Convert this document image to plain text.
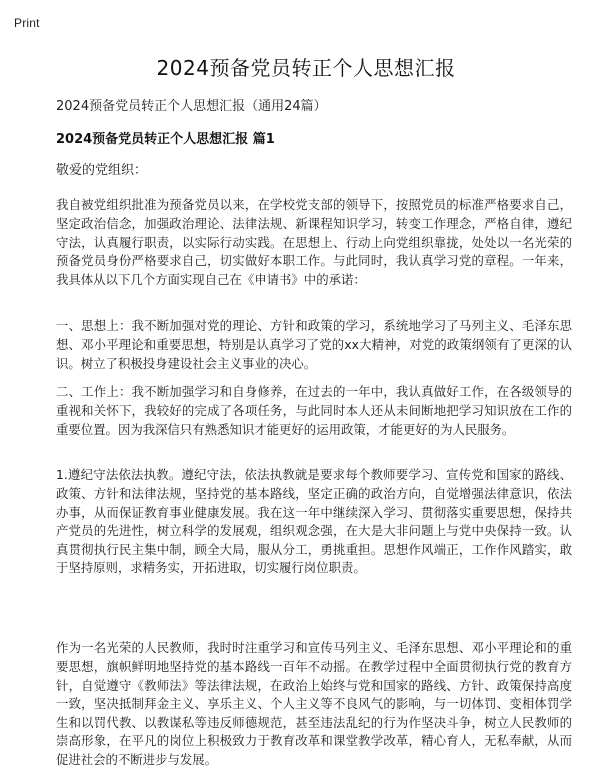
Print
2024预备党员转正个人思想汇报
2024预备党员转正个人思想汇报（通用24篇）
2024预备党员转正个人思想汇报 篇1
敬爱的党组织：

我自被党组织批准为预备党员以来，在学校党支部的领导下，按照党员的标准严格要求自己，坚定政治信念，加强政治理论、法律法规、新课程知识学习，转变工作理念，严格自律，遵纪守法，认真履行职责，以实际行动实践。在思想上、行动上向党组织靠拢，处处以一名光荣的预备党员身份严格要求自己，切实做好本职工作。与此同时，我认真学习党的章程。一年来，我具体从以下几个方面实现自己在《申请书》中的承诺：

一、思想上：我不断加强对党的理论、方针和政策的学习，系统地学习了马列主义、毛泽东思想、邓小平理论和重要思想，特别是认真学习了党的xx大精神，对党的政策纲领有了更深的认识。树立了积极投身建设社会主义事业的决心。

二、工作上：我不断加强学习和自身修养，在过去的一年中，我认真做好工作，在各级领导的重视和关怀下，我较好的完成了各项任务，与此同时本人还从未间断地把学习知识放在工作的重要位置。因为我深信只有熟悉知识才能更好的运用政策，才能更好的为人民服务。

1.遵纪守法依法执教。遵纪守法，依法执教就是要求每个教师要学习、宣传党和国家的路线、政策、方针和法律法规，坚持党的基本路线，坚定正确的政治方向，自觉增强法律意识，依法办事，从而保证教育事业健康发展。我在这一年中继续深入学习、贯彻落实重要思想，保持共产党员的先进性，树立科学的发展观，组织观念强，在大是大非问题上与党中央保持一致。认真贯彻执行民主集中制，顾全大局，服从分工，勇挑重担。思想作风端正，工作作风踏实，敢于坚持原则，求精务实，开拓进取，切实履行岗位职责。

作为一名光荣的人民教师，我时时注重学习和宣传马列主义、毛泽东思想、邓小平理论和的重要思想，旗帜鲜明地坚持党的基本路线一百年不动摇。在教学过程中全面贯彻执行党的教育方针，自觉遵守《教师法》等法律法规，在政治上始终与党和国家的路线、方针、政策保持高度一致，坚决抵制拜金主义、享乐主义、个人主义等不良风气的影响，与一切体罚、变相体罚学生和以罚代教、以教谋私等违反师德规范，甚至违法乱纪的行为作坚决斗争，树立人民教师的崇高形象，在平凡的岗位上积极致力于教育改革和课堂教学改革，精心育人，无私奉献，从而促进社会的不断进步与发展。
